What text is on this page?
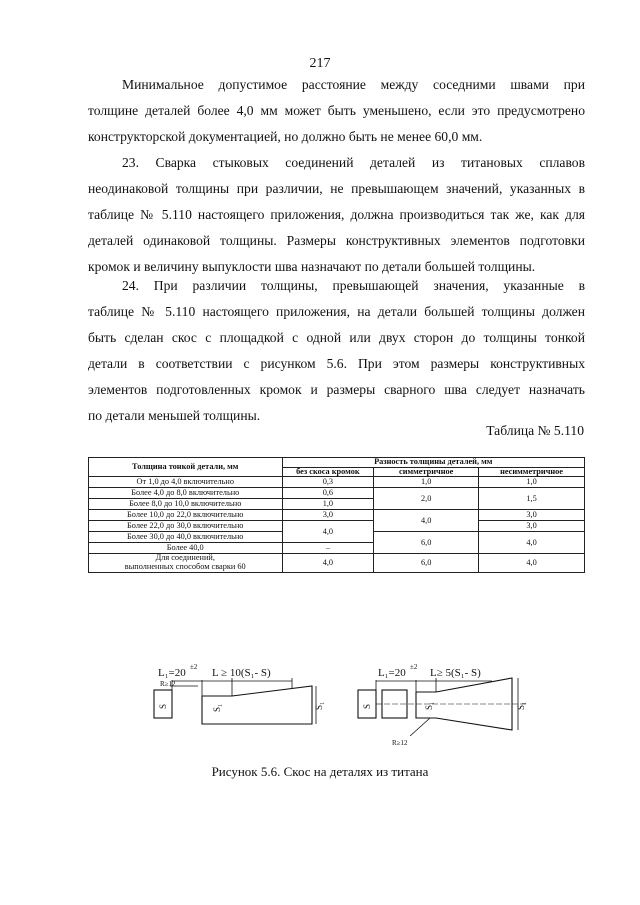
217
Минимальное допустимое расстояние между соседними швами при
толщине деталей более 4,0 мм может быть уменьшено, если это предусмотрено
конструкторской документацией, но должно быть не менее 60,0 мм.
23. Сварка стыковых соединений деталей из титановых сплавов
неодинаковой толщины при различии, не превышающем значений, указанных в
таблице № 5.110 настоящего приложения, должна производиться так же, как для
деталей одинаковой толщины. Размеры конструктивных элементов подготовки
кромок и величину выпуклости шва назначают по детали большей толщины.
24. При различии толщины, превышающей значения, указанные в
таблице № 5.110 настоящего приложения, на детали большей толщины должен
быть сделан скос с площадкой с одной или двух сторон до толщины тонкой
детали в соответствии с рисунком 5.6. При этом размеры конструктивных
элементов подготовленных кромок и размеры сварного шва следует назначать
по детали меньшей толщины.
Таблица № 5.110
Толщина тонкой детали, мм	Разность толщины деталей, мм		
	без скоса кромок	симметричное	несимметричное
От 1,0 до 4,0 включительно	0,3	1,0	1,0
Более 4,0 до 8,0 включительно	0,6	2,0	1,5
Более 8,0 до 10,0 включительно	1,0		
Более 10,0 до 22,0 включительно	3,0	4,0	3,0
Более 22,0 до 30,0 включительно	4,0		3,0
Более 30,0 до 40,0 включительно		6,0	4,0
Более 40,0	–		
Для соединений,
выполненных способом сварки 60	4,0	6,0	4,0
L₁=20 ±2 L ≥ 10(S₁- S)
R≥12
S	S₁	S₁
L₁=20 ±2 L≥ 5(S₁- S)
R≥12
S	S₁	S₁
Рисунок 5.6. Скос на деталях из титана
